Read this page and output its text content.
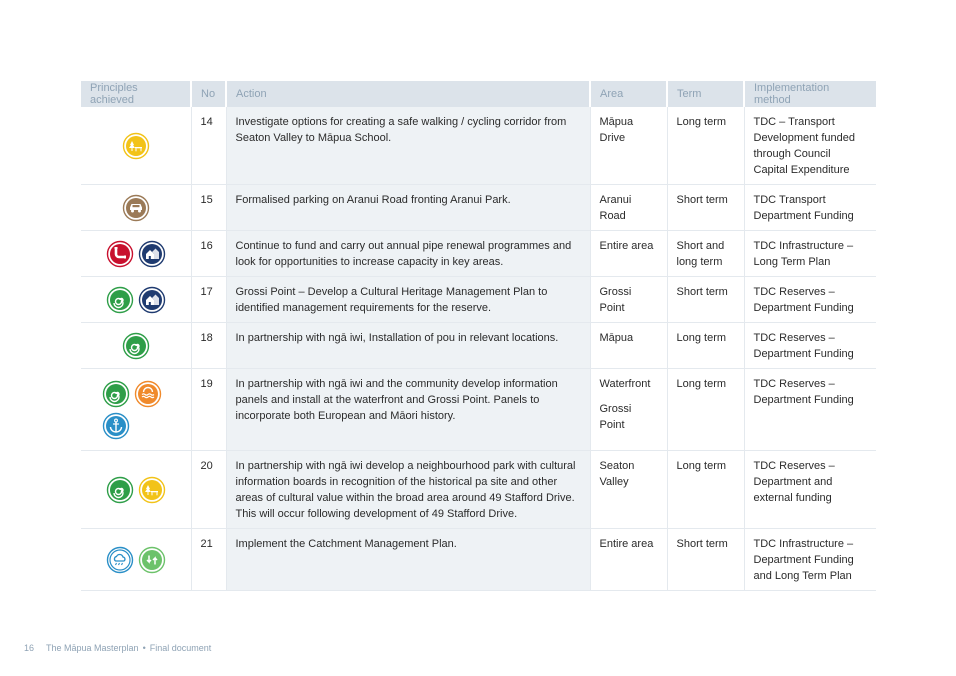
Principles achieved	No	Action	Area	Term	Implementation method

	14	Investigate options for creating a safe walking / cycling corridor from Seaton Valley to Māpua School.	Māpua Drive	Long term	TDC – Transport Development funded through Council Capital Expenditure

	15	Formalised parking on Aranui Road fronting Aranui Park.	Aranui Road	Short term	TDC Transport Department Funding

	16	Continue to fund and carry out annual pipe renewal programmes and look for opportunities to increase capacity in key areas.	Entire area	Short and long term	TDC Infrastructure – Long Term Plan

	17	Grossi Point – Develop a Cultural Heritage Management Plan to identified management requirements for the reserve.	Grossi Point	Short term	TDC Reserves – Department Funding

	18	In partnership with ngā iwi, Installation of pou in relevant locations.	Māpua	Long term	TDC Reserves – Department Funding

	19	In partnership with ngā iwi and the community develop information panels and install at the waterfront and Grossi Point. Panels to incorporate both European and Māori history.	Waterfront
Grossi Point	Long term	TDC Reserves – Department Funding

	20	In partnership with ngā iwi develop a neighbourhood park with cultural information boards in recognition of the historical pa site and other areas of cultural value within the broad area around 49 Stafford Drive. This will occur following development of 49 Stafford Drive.	Seaton Valley	Long term	TDC Reserves – Department and external funding

	21	Implement the Catchment Management Plan.	Entire area	Short term	TDC Infrastructure – Department Funding and Long Term Plan
16 The Māpua Masterplan • Final document
